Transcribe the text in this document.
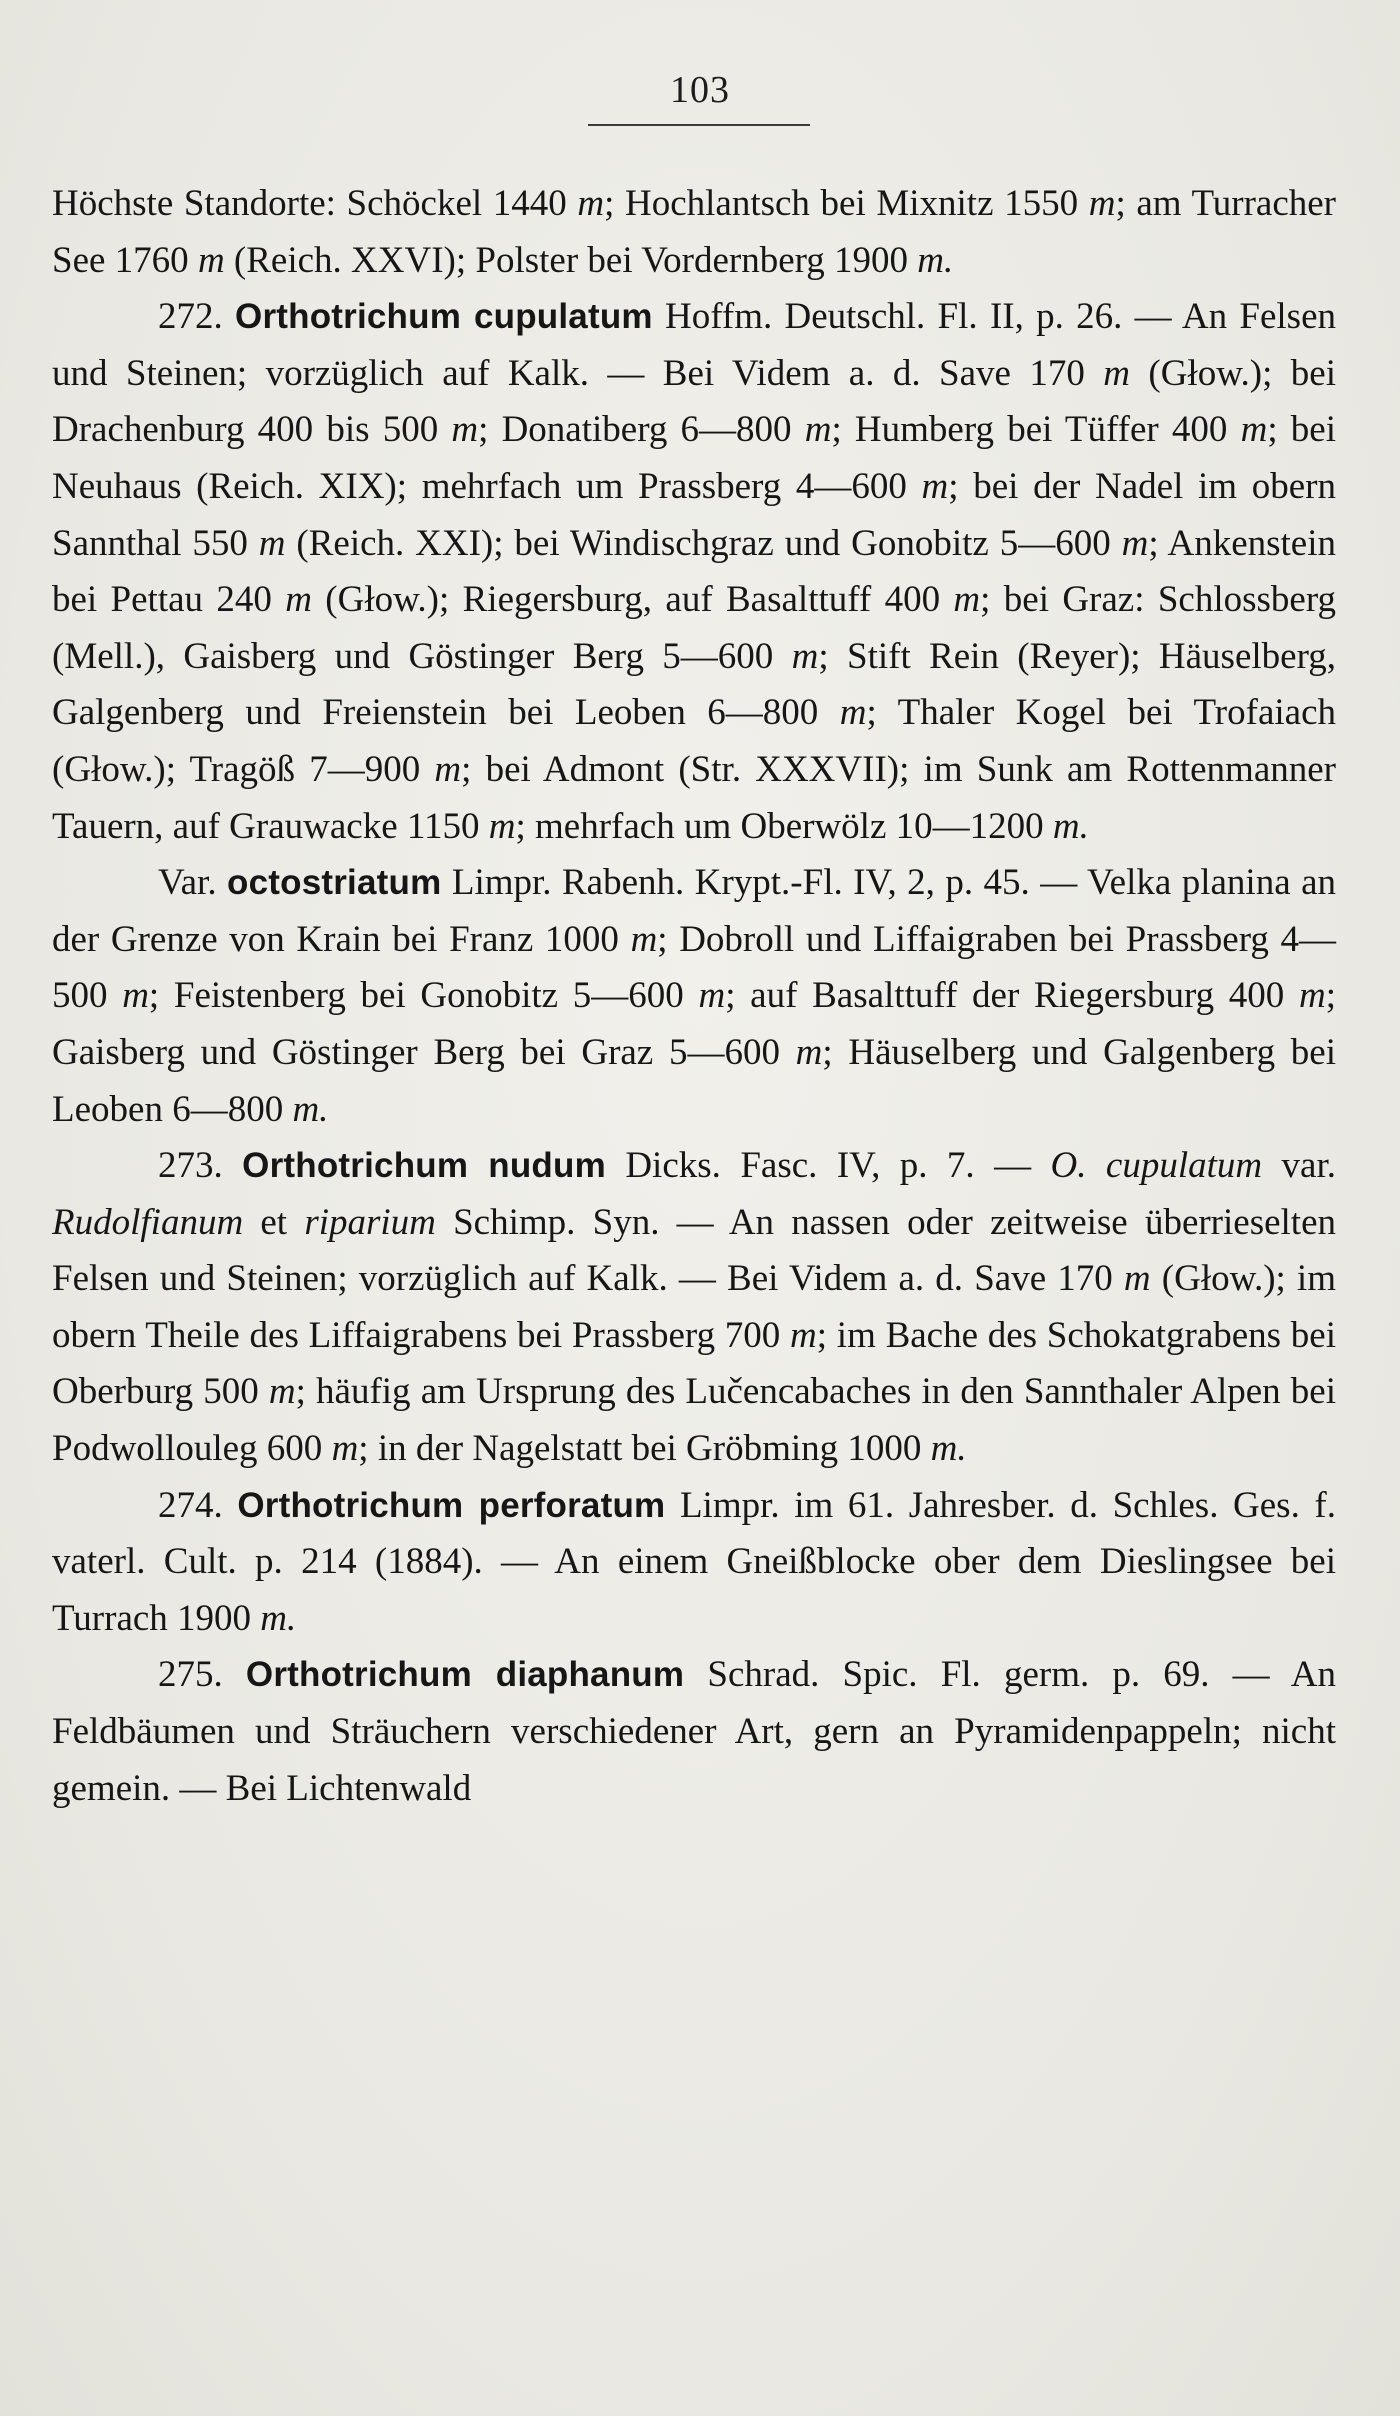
103

Höchste Standorte: Schöckel 1440 m; Hochlantsch bei Mixnitz 1550 m; am Turracher See 1760 m (Reich. XXVI); Polster bei Vordernberg 1900 m.

272. Orthotrichum cupulatum Hoffm. Deutschl. Fl. II, p. 26. — An Felsen und Steinen; vorzüglich auf Kalk. — Bei Videm a. d. Save 170 m (Głow.); bei Drachenburg 400 bis 500 m; Donatiberg 6—800 m; Humberg bei Tüffer 400 m; bei Neuhaus (Reich. XIX); mehrfach um Prassberg 4—600 m; bei der Nadel im obern Sannthal 550 m (Reich. XXI); bei Windischgraz und Gonobitz 5—600 m; Ankenstein bei Pettau 240 m (Głow.); Riegersburg, auf Basalttuff 400 m; bei Graz: Schlossberg (Mell.), Gaisberg und Göstinger Berg 5—600 m; Stift Rein (Reyer); Häuselberg, Galgenberg und Freienstein bei Leoben 6—800 m; Thaler Kogel bei Trofaiach (Głow.); Tragöß 7—900 m; bei Admont (Str. XXXVII); im Sunk am Rottenmanner Tauern, auf Grauwacke 1150 m; mehrfach um Oberwölz 10—1200 m.

Var. octostriatum Limpr. Rabenh. Krypt.-Fl. IV, 2, p. 45. — Velka planina an der Grenze von Krain bei Franz 1000 m; Dobroll und Liffaigraben bei Prassberg 4—500 m; Feistenberg bei Gonobitz 5—600 m; auf Basalttuff der Riegersburg 400 m; Gaisberg und Göstinger Berg bei Graz 5—600 m; Häuselberg und Galgenberg bei Leoben 6—800 m.

273. Orthotrichum nudum Dicks. Fasc. IV, p. 7. — O. cupulatum var. Rudolfianum et riparium Schimp. Syn. — An nassen oder zeitweise überrieselten Felsen und Steinen; vorzüglich auf Kalk. — Bei Videm a. d. Save 170 m (Głow.); im obern Theile des Liffaigrabens bei Prassberg 700 m; im Bache des Schokatgrabens bei Oberburg 500 m; häufig am Ursprung des Lučencabaches in den Sannthaler Alpen bei Podwollouleg 600 m; in der Nagelstatt bei Gröbming 1000 m.

274. Orthotrichum perforatum Limpr. im 61. Jahresber. d. Schles. Ges. f. vaterl. Cult. p. 214 (1884). — An einem Gneißblocke ober dem Dieslingsee bei Turrach 1900 m.

275. Orthotrichum diaphanum Schrad. Spic. Fl. germ. p. 69. — An Feldbäumen und Sträuchern verschiedener Art, gern an Pyramidenpappeln; nicht gemein. — Bei Lichtenwald
